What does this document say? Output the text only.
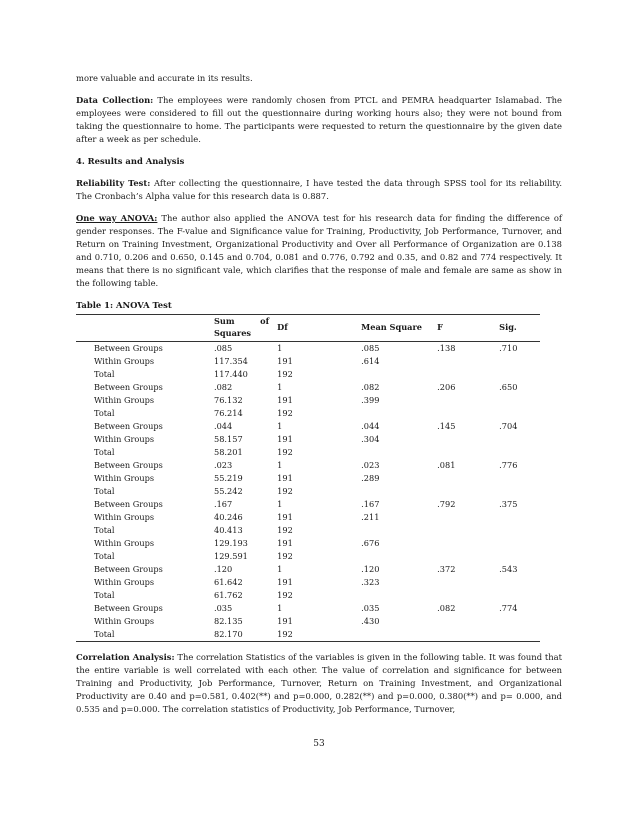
more valuable and accurate in its results.

Data Collection: The employees were randomly chosen from PTCL and PEMRA headquarter Islamabad. The employees were considered to fill out the questionnaire during working hours also; they were not bound from taking the questionnaire to home. The participants were requested to return the questionnaire by the given date after a week as per schedule.

4. Results and Analysis

Reliability Test: After collecting the questionnaire, I have tested the data through SPSS tool for its reliability. The Cronbach’s Alpha value for this research data is 0.887.

One way ANOVA: The author also applied the ANOVA test for his research data for finding the difference of gender responses. The F-value and Significance value for Training, Productivity, Job Performance, Turnover, and Return on Training Investment, Organizational Productivity and Over all Performance of Organization are 0.138 and 0.710, 0.206 and 0.650, 0.145 and 0.704, 0.081 and 0.776, 0.792 and 0.35, and 0.82 and 774 respectively. It means that there is no significant vale, which clarifies that the response of male and female are same as show in the following table.

Table 1: ANOVA Test

		Sum         of
Squares	Df	Mean Square	F	Sig.

	Between Groups	.085	1	.085	.138	.710
	Within Groups	117.354	191	.614		
	Total	117.440	192			
	Between Groups	.082	1	.082	.206	.650
	Within Groups	76.132	191	.399		
	Total	76.214	192			
	Between Groups	.044	1	.044	.145	.704
	Within Groups	58.157	191	.304		
	Total	58.201	192			
	Between Groups	.023	1	.023	.081	.776
	Within Groups	55.219	191	.289		
	Total	55.242	192			
	Between Groups	.167	1	.167	.792	.375
	Within Groups	40.246	191	.211		
	Total	40.413	192			
	Within Groups	129.193	191	.676		
	Total	129.591	192			
	Between Groups	.120	1	.120	.372	.543
	Within Groups	61.642	191	.323		
	Total	61.762	192			
	Between Groups	.035	1	.035	.082	.774
	Within Groups	82.135	191	.430		
	Total	82.170	192			

Correlation Analysis: The correlation Statistics of the variables is given in the following table. It was found that the entire variable is well correlated with each other. The value of correlation and significance for between Training and Productivity, Job Performance, Turnover, Return on Training Investment, and Organizational Productivity are 0.40 and p=0.581, 0.402(**) and p=0.000, 0.282(**) and p=0.000, 0.380(**) and p= 0.000, and 0.535 and p=0.000. The correlation statistics of Productivity, Job Performance, Turnover,

53
